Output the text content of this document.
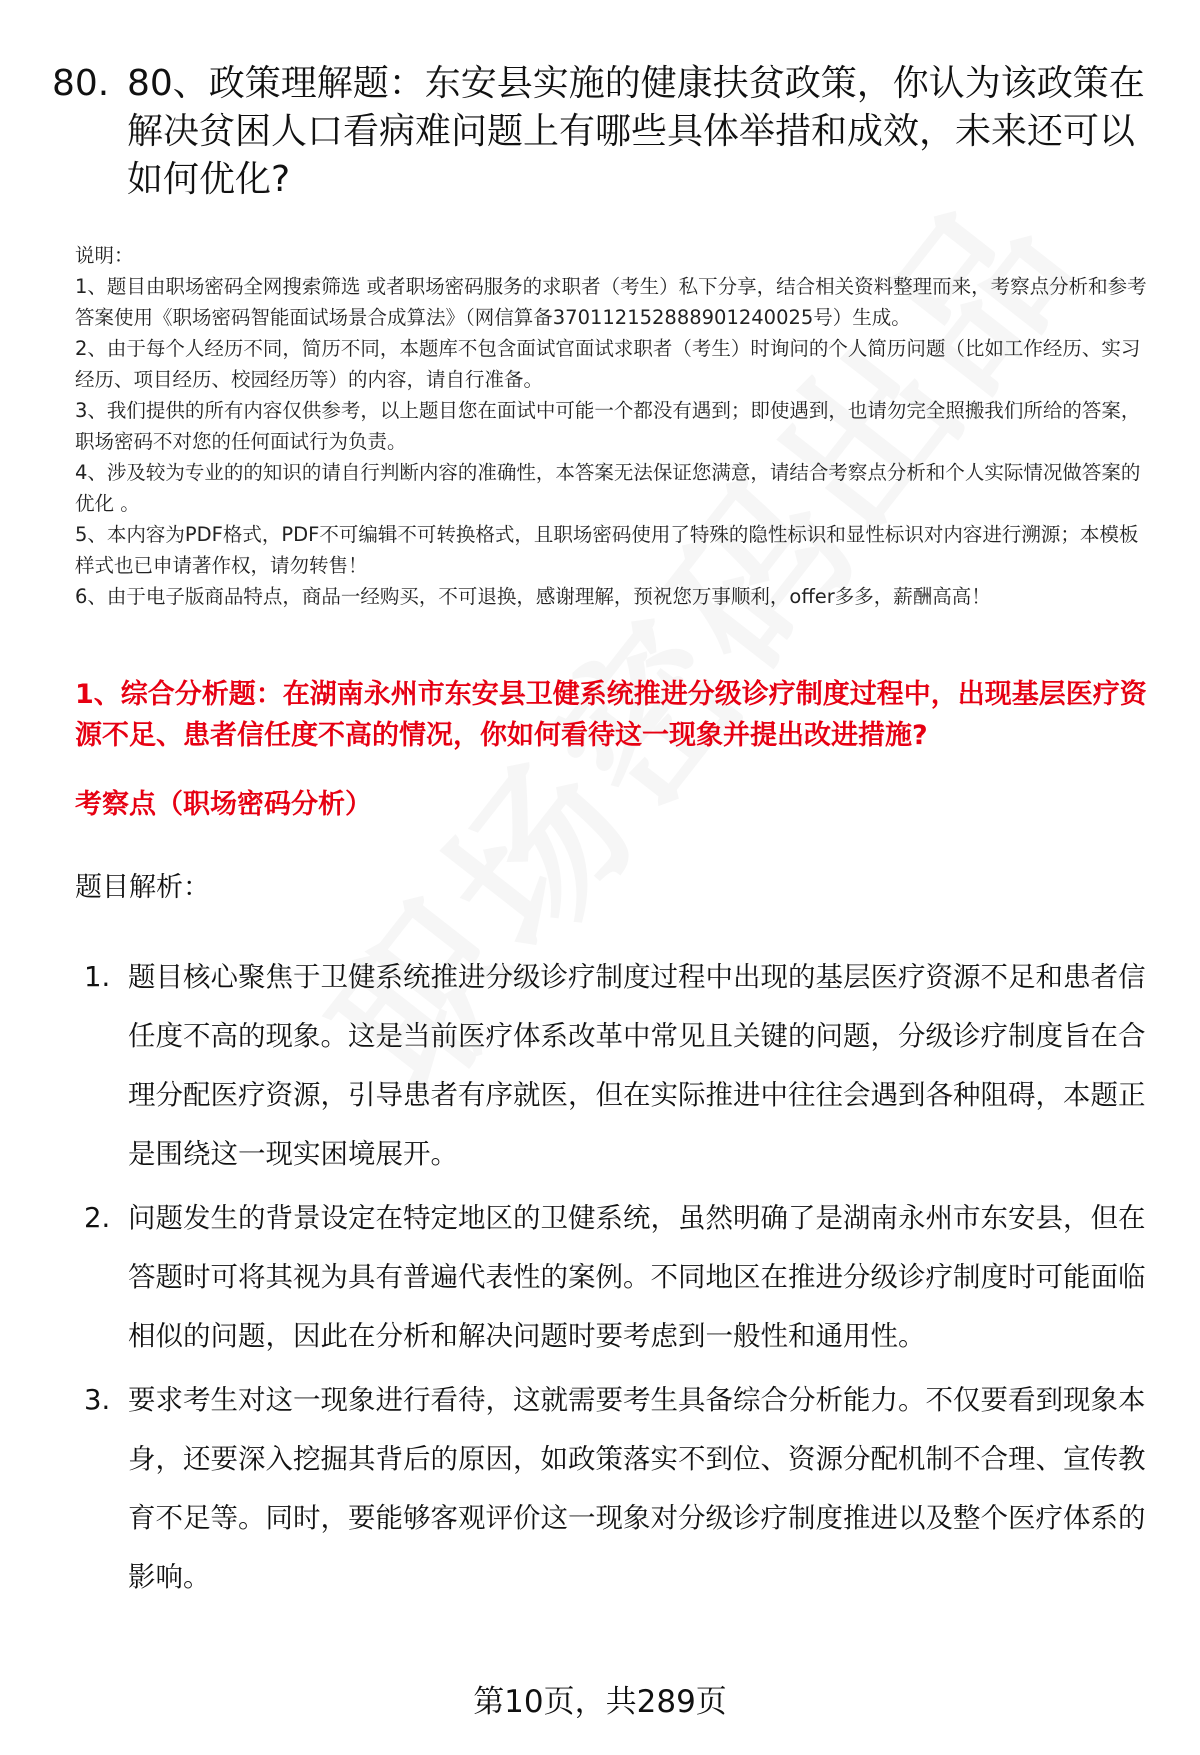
80. 80、政策理解题：东安县实施的健康扶贫政策，你认为该政策在解决贫困人口看病难问题上有哪些具体举措和成效，未来还可以如何优化?

说明：

1、题目由职场密码全网搜索筛选 或者职场密码服务的求职者（考生）私下分享，结合相关资料整理而来，考察点分析和参考答案使用《职场密码智能面试场景合成算法》（网信算备370112152888901240025号）生成。

2、由于每个人经历不同，简历不同，本题库不包含面试官面试求职者（考生）时询问的个人简历问题（比如工作经历、实习经历、项目经历、校园经历等）的内容，请自行准备。

3、我们提供的所有内容仅供参考，以上题目您在面试中可能一个都没有遇到；即使遇到，也请勿完全照搬我们所给的答案，职场密码不对您的任何面试行为负责。

4、涉及较为专业的的知识的请自行判断内容的准确性，本答案无法保证您满意，请结合考察点分析和个人实际情况做答案的优化 。

5、本内容为PDF格式，PDF不可编辑不可转换格式，且职场密码使用了特殊的隐性标识和显性标识对内容进行溯源；本模板样式也已申请著作权，请勿转售！

6、由于电子版商品特点，商品一经购买，不可退换，感谢理解，预祝您万事顺利，offer多多，薪酬高高！

1、综合分析题：在湖南永州市东安县卫健系统推进分级诊疗制度过程中，出现基层医疗资源不足、患者信任度不高的情况，你如何看待这一现象并提出改进措施?
考察点（职场密码分析）
题目解析：
1. 题目核心聚焦于卫健系统推进分级诊疗制度过程中出现的基层医疗资源不足和患者信任度不高的现象。这是当前医疗体系改革中常见且关键的问题，分级诊疗制度旨在合理分配医疗资源，引导患者有序就医，但在实际推进中往往会遇到各种阻碍，本题正是围绕这一现实困境展开。
2. 问题发生的背景设定在特定地区的卫健系统，虽然明确了是湖南永州市东安县，但在答题时可将其视为具有普遍代表性的案例。不同地区在推进分级诊疗制度时可能面临相似的问题，因此在分析和解决问题时要考虑到一般性和通用性。
3. 要求考生对这一现象进行看待，这就需要考生具备综合分析能力。不仅要看到现象本身，还要深入挖掘其背后的原因，如政策落实不到位、资源分配机制不合理、宣传教育不足等。同时，要能够客观评价这一现象对分级诊疗制度推进以及整个医疗体系的影响。
第10页，共289页
